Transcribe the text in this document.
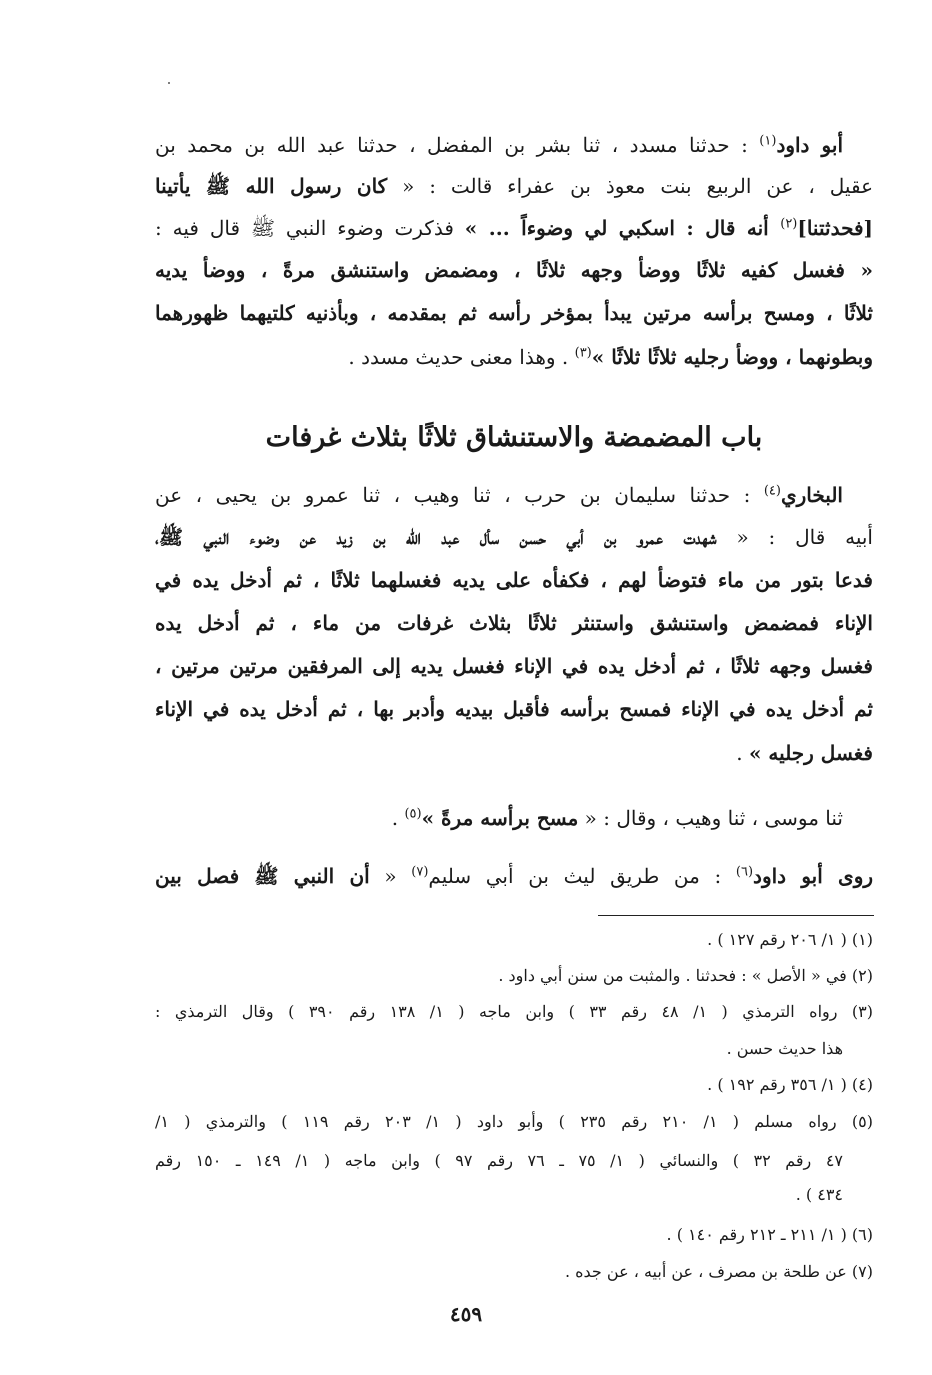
أبو داود$^{(١)}$ : حدثنا مسدد ، ثنا بشر بن المفضل ، حدثنا عبد الله بن محمد بن
عقيل ، عن الربيع بنت معوذ بن عفراء قالت : « كان رسول الله ﷺ يأتينا
[فحدثتنا]$^{(٢)}$ أنه قال : اسكبي لي وضوءاً ... » فذكرت وضوء النبي ﷺ قال فيه :
« فغسل كفيه ثلاثًا ووضأ وجهه ثلاثًا ، ومضمض واستنشق مرةً ، ووضأ يديه
ثلاثًا ، ومسح برأسه مرتين يبدأ بمؤخر رأسه ثم بمقدمه ، وبأذنيه كلتيهما ظهورهما
وبطونهما ، ووضأ رجليه ثلاثًا ثلاثًا »$^{(٣)}$ . وهذا معنى حديث مسدد .
باب المضمضة والاستنشاق ثلاثًا بثلاث غرفات
البخاري$^{(٤)}$ : حدثنا سليمان بن حرب ، ثنا وهيب ، ثنا عمرو بن يحيى ، عن
أبيه قال : « شهدت عمرو بن أبي حسن سأل عبد الله بن زيد عن وضوء النبي ﷺ،
فدعا بتور من ماء فتوضأ لهم ، فكفأه على يديه فغسلهما ثلاثًا ، ثم أدخل يده في
الإناء فمضمض واستنشق واستنثر ثلاثًا بثلاث غرفات من ماء ، ثم أدخل يده
فغسل وجهه ثلاثًا ، ثم أدخل يده في الإناء فغسل يديه إلى المرفقين مرتين مرتين ،
ثم أدخل يده في الإناء فمسح برأسه فأقبل بيديه وأدبر بها ، ثم أدخل يده في الإناء
فغسل رجليه » .
ثنا موسى ، ثنا وهيب ، وقال : « مسح برأسه مرةً »$^{(٥)}$ .
روى أبو داود$^{(٦)}$ : من طريق ليث بن أبي سليم$^{(٧)}$ « أن النبي ﷺ فصل بين
(١) ( ١/ ٢٠٦ رقم ١٢٧ ) .
(٢) في « الأصل » : فحدثنا . والمثبت من سنن أبي داود .
(٣) رواه الترمذي ( ١/ ٤٨ رقم ٣٣ ) وابن ماجه ( ١/ ١٣٨ رقم ٣٩٠ ) وقال الترمذي :
هذا حديث حسن .
(٤) ( ١/ ٣٥٦ رقم ١٩٢ ) .
(٥) رواه مسلم ( ١/ ٢١٠ رقم ٢٣٥ ) وأبو داود ( ١/ ٢٠٣ رقم ١١٩ ) والترمذي ( ١/
٤٧ رقم ٣٢ ) والنسائي ( ١/ ٧٥ ـ ٧٦ رقم ٩٧ ) وابن ماجه ( ١/ ١٤٩ ـ ١٥٠ رقم
٤٣٤ ) .
(٦) ( ١/ ٢١١ ـ ٢١٢ رقم ١٤٠ ) .
(٧) عن طلحة بن مصرف ، عن أبيه ، عن جده .
٤٥٩
